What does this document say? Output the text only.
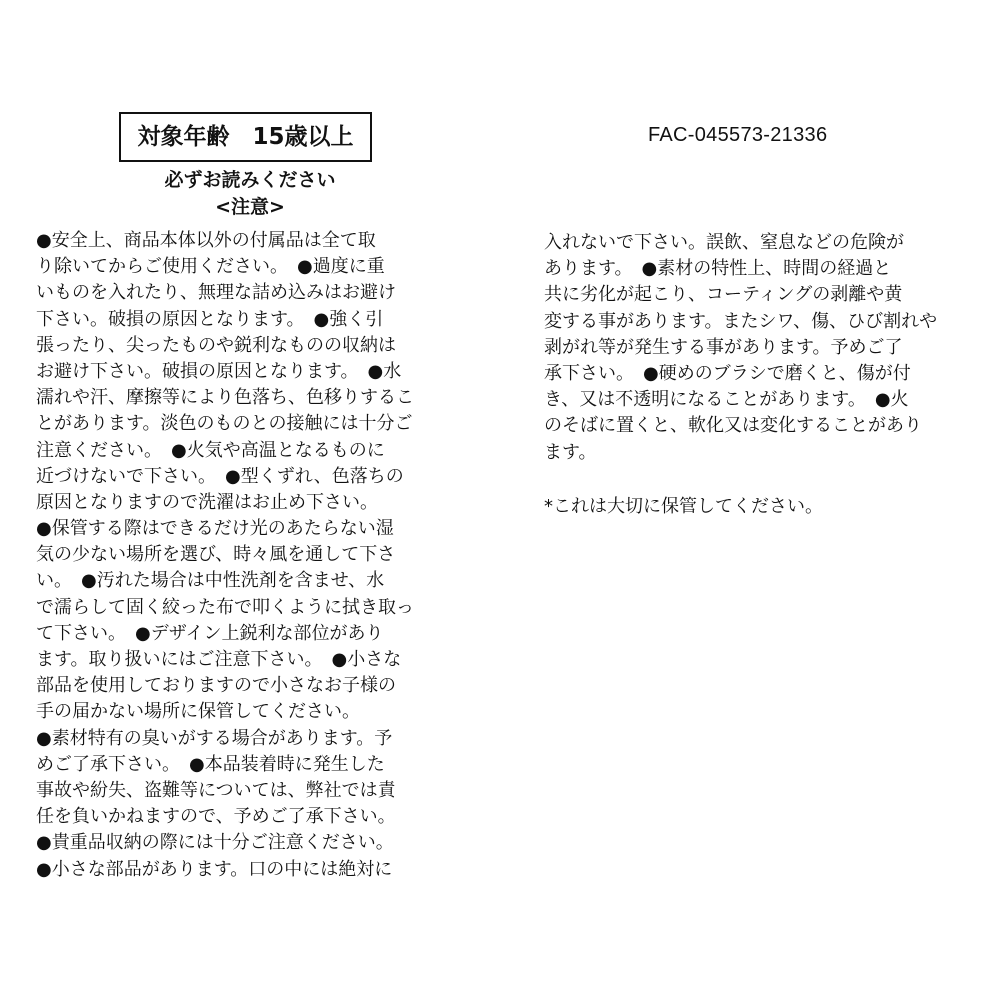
対象年齢　15歳以上
必ずお読みください
<注意>
FAC-045573-21336
●安全上、商品本体以外の付属品は全て取
り除いてからご使用ください。　●過度に重
いものを入れたり、無理な詰め込みはお避け
下さい。破損の原因となります。　●強く引
張ったり、尖ったものや鋭利なものの収納は
お避け下さい。破損の原因となります。　●水
濡れや汗、摩擦等により色落ち、色移りするこ
とがあります。淡色のものとの接触には十分ご
注意ください。　●火気や高温となるものに
近づけないで下さい。　●型くずれ、色落ちの
原因となりますので洗濯はお止め下さい。
●保管する際はできるだけ光のあたらない湿
気の少ない場所を選び、時々風を通して下さ
い。　●汚れた場合は中性洗剤を含ませ、水
で濡らして固く絞った布で叩くように拭き取っ
て下さい。　●デザイン上鋭利な部位があり
ます。取り扱いにはご注意下さい。　●小さな
部品を使用しておりますので小さなお子様の
手の届かない場所に保管してください。
●素材特有の臭いがする場合があります。予
めご了承下さい。　●本品装着時に発生した
事故や紛失、盗難等については、弊社では責
任を負いかねますので、予めご了承下さい。
●貴重品収納の際には十分ご注意ください。
●小さな部品があります。口の中には絶対に
入れないで下さい。誤飲、窒息などの危険が
あります。　●素材の特性上、時間の経過と
共に劣化が起こり、コーティングの剥離や黄
変する事があります。またシワ、傷、ひび割れや
剥がれ等が発生する事があります。予めご了
承下さい。　●硬めのブラシで磨くと、傷が付
き、又は不透明になることがあります。　●火
のそばに置くと、軟化又は変化することがあり
ます。
*これは大切に保管してください。
